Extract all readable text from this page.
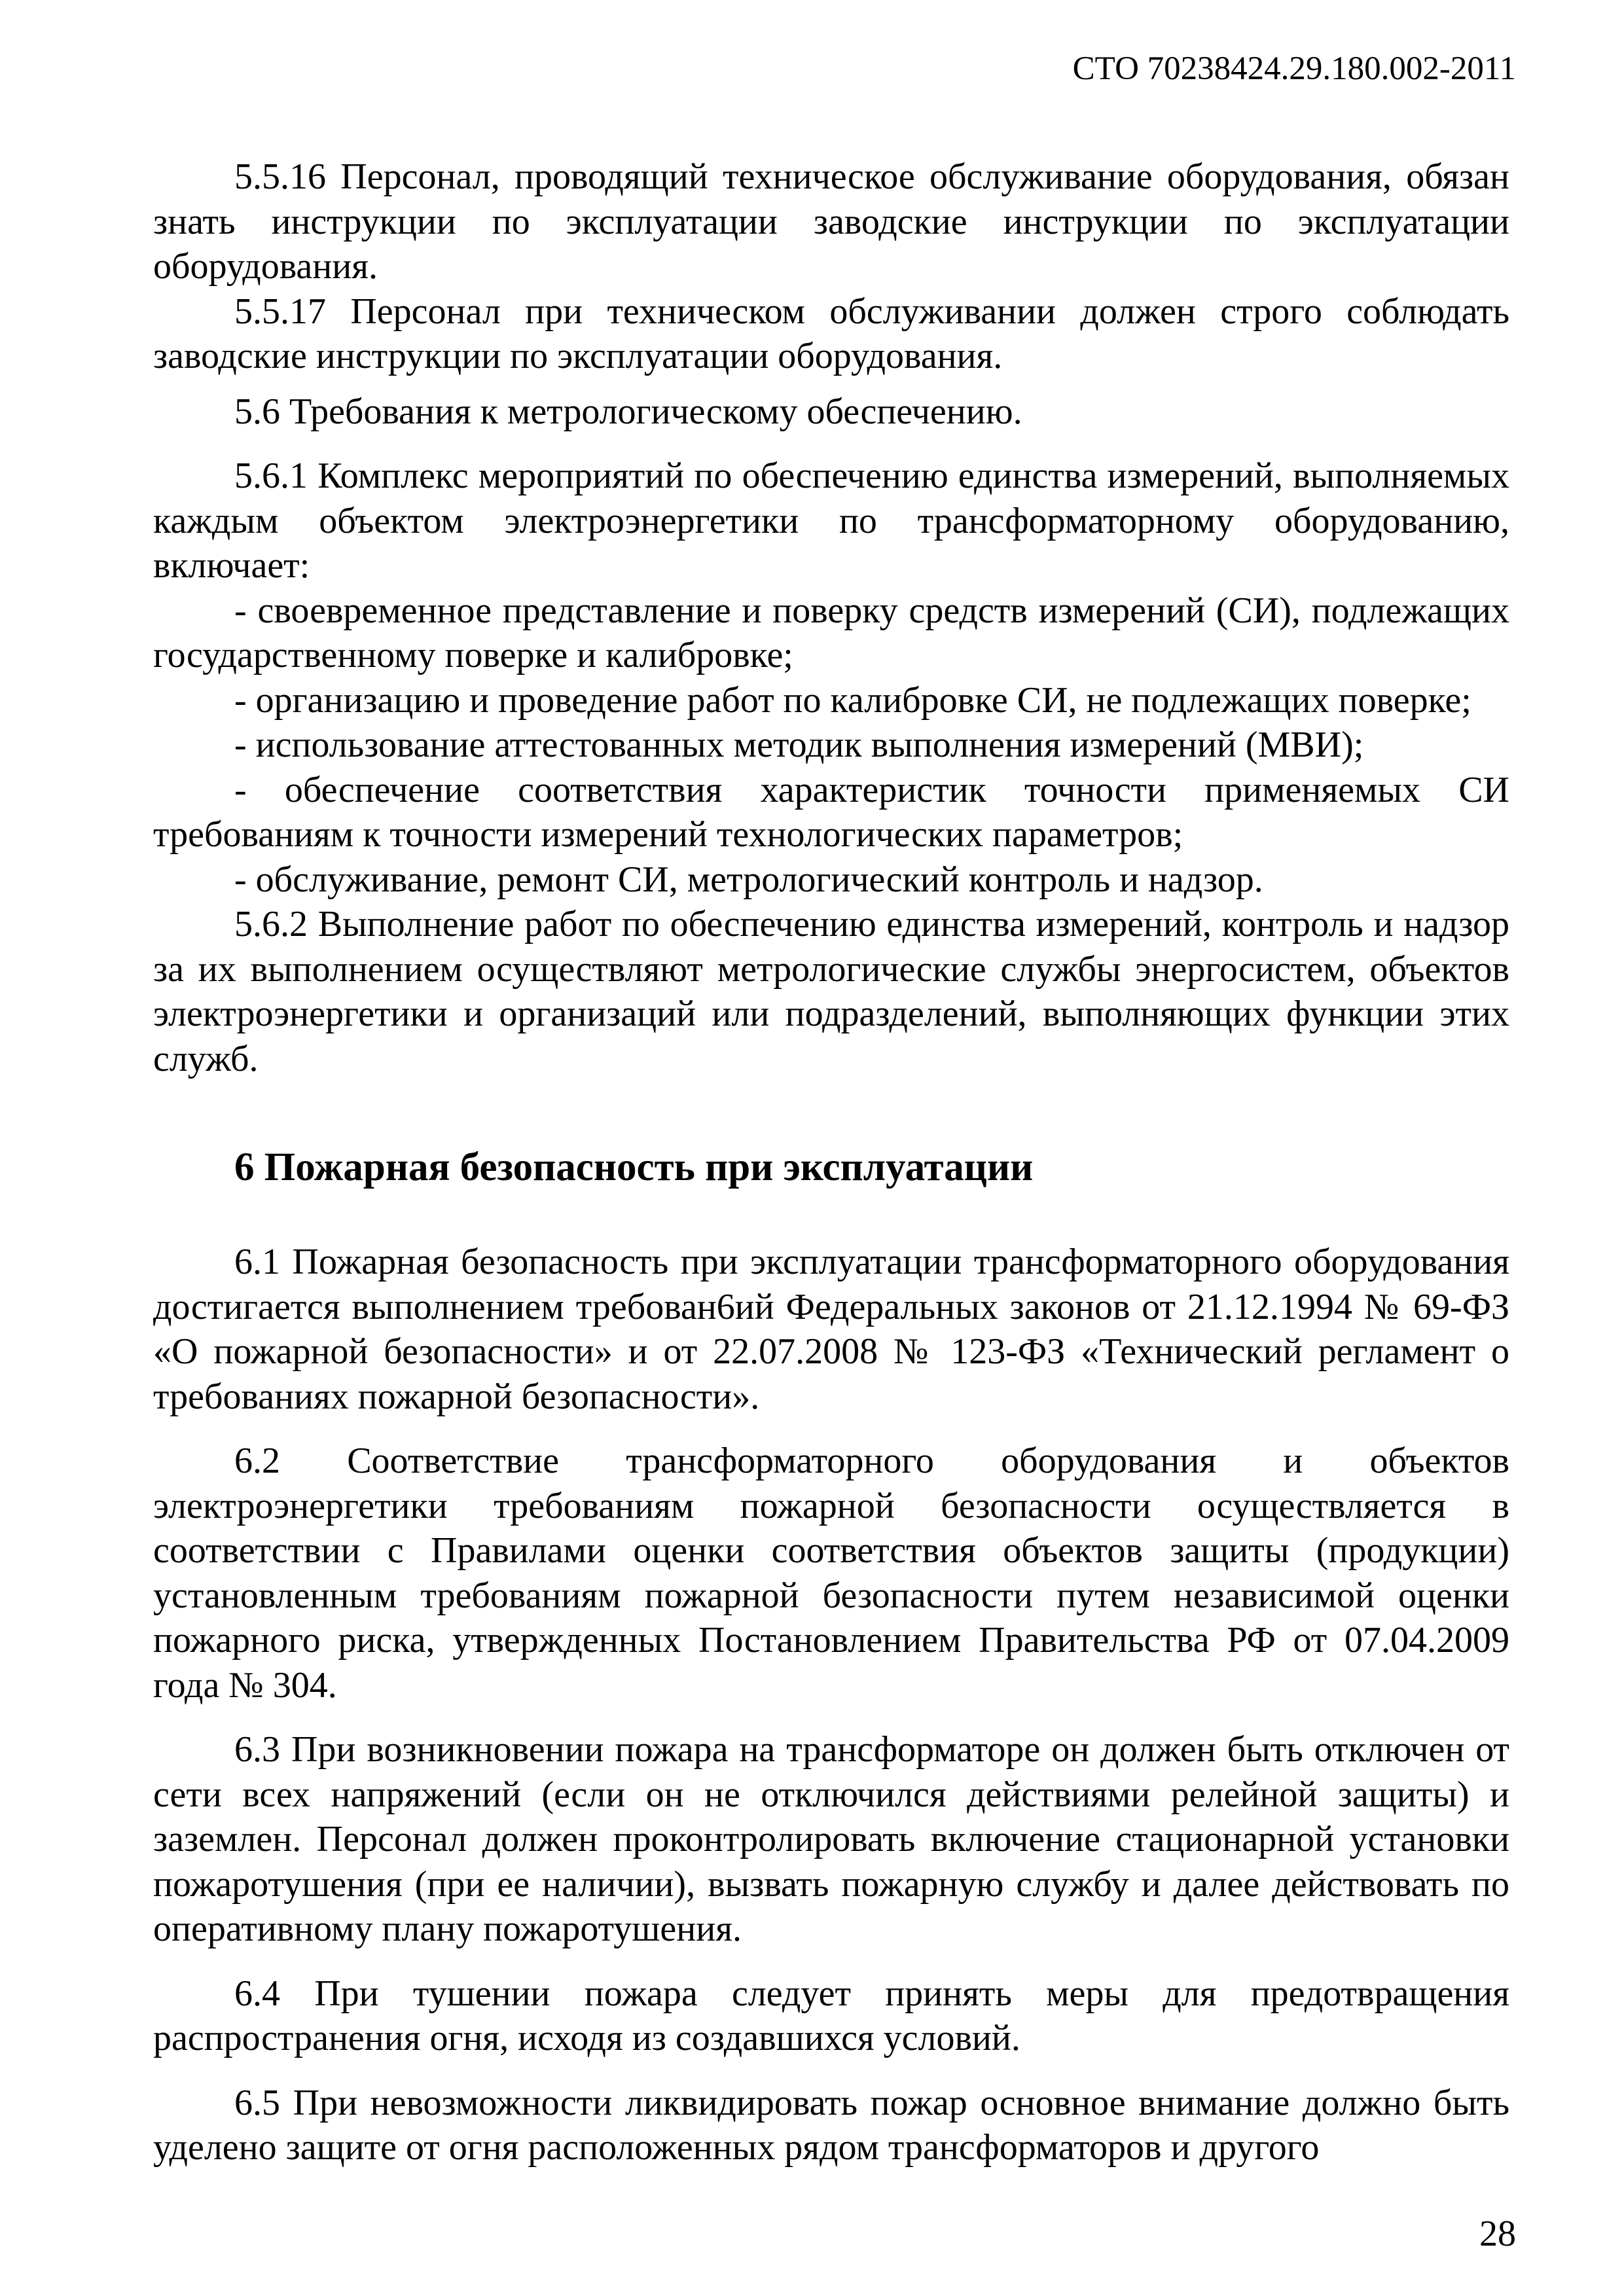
СТО 70238424.29.180.002-2011

5.5.16 Персонал, проводящий техническое обслуживание оборудования, обязан знать инструкции по эксплуатации заводские инструкции по эксплуатации оборудования.

5.5.17 Персонал при техническом обслуживании должен строго соблюдать заводские инструкции по эксплуатации оборудования.

5.6 Требования к метрологическому обеспечению.

5.6.1 Комплекс мероприятий по обеспечению единства измерений, выполняемых каждым объектом электроэнергетики по трансформаторному оборудованию, включает:

- своевременное представление и поверку средств измерений (СИ), подлежащих государственному поверке и калибровке;

- организацию и проведение работ по калибровке СИ, не подлежащих поверке;

- использование аттестованных методик выполнения измерений (МВИ);

- обеспечение соответствия характеристик точности применяемых СИ требованиям к точности измерений технологических параметров;

- обслуживание, ремонт СИ, метрологический контроль и надзор.

5.6.2 Выполнение работ по обеспечению единства измерений, контроль и надзор за их выполнением осуществляют метрологические службы энергосистем, объектов электроэнергетики и организаций или подразделений, выполняющих функции этих служб.

6 Пожарная безопасность при эксплуатации

6.1 Пожарная безопасность при эксплуатации трансформаторного оборудования достигается выполнением требован6ий Федеральных законов от 21.12.1994 № 69-ФЗ «О пожарной безопасности» и от 22.07.2008 № 123-ФЗ «Технический регламент о требованиях пожарной безопасности».

6.2 Соответствие трансформаторного оборудования и объектов электроэнергетики требованиям пожарной безопасности осуществляется в соответствии с Правилами оценки соответствия объектов защиты (продукции) установленным требованиям пожарной безопасности путем независимой оценки пожарного риска, утвержденных Постановлением Правительства РФ от 07.04.2009 года № 304.

6.3 При возникновении пожара на трансформаторе он должен быть отключен от сети всех напряжений (если он не отключился действиями релейной защиты) и заземлен. Персонал должен проконтролировать включение стационарной установки пожаротушения (при ее наличии), вызвать пожарную службу и далее действовать по оперативному плану пожаротушения.

6.4 При тушении пожара следует принять меры для предотвращения распространения огня, исходя из создавшихся условий.

6.5 При невозможности ликвидировать пожар основное внимание должно быть уделено защите от огня расположенных рядом трансформаторов и другого

28
